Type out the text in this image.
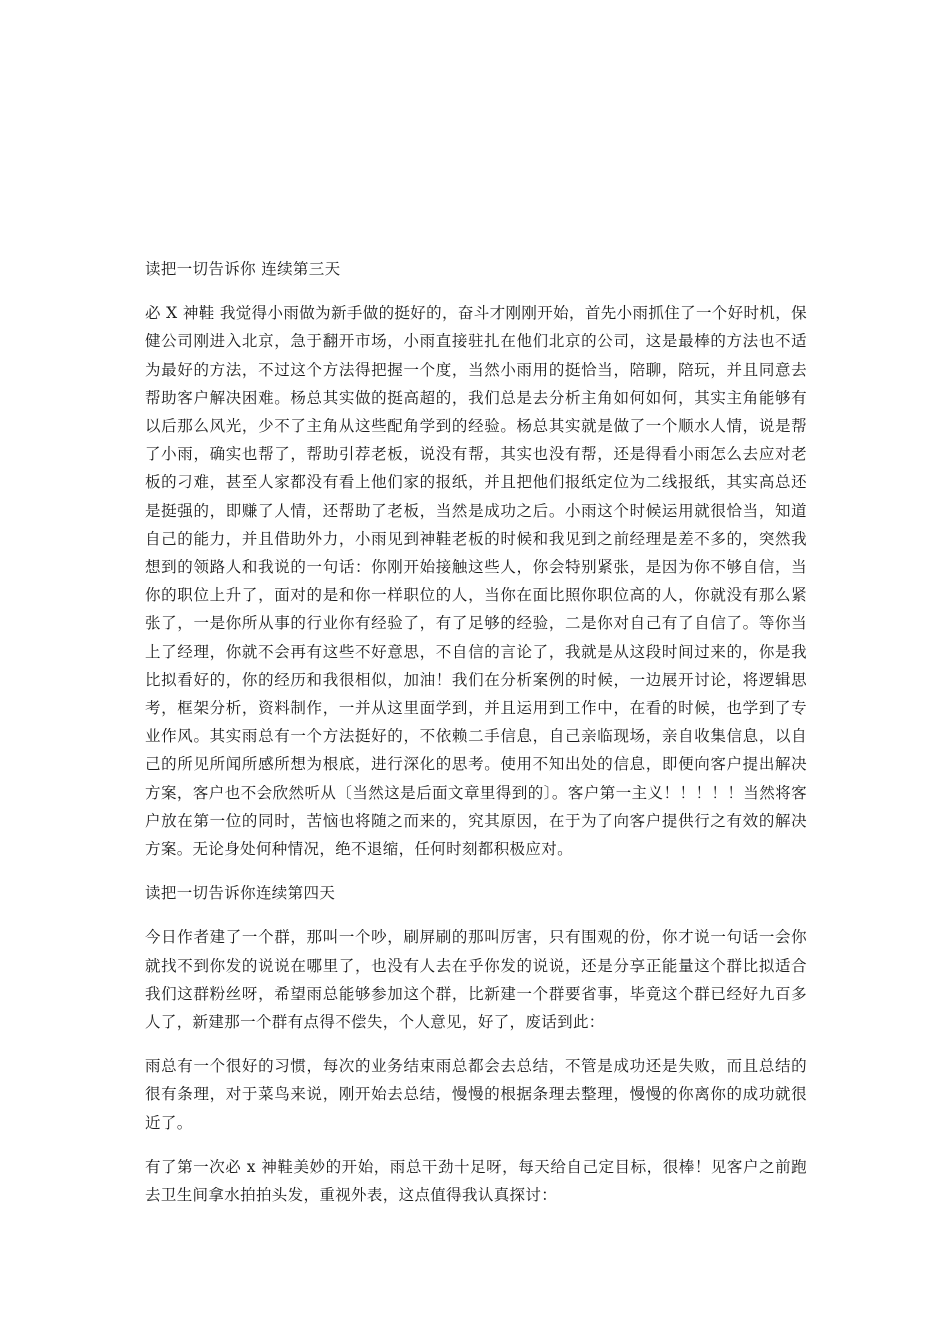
读把一切告诉你 连续第三天

必 X 神鞋 我觉得小雨做为新手做的挺好的，奋斗才刚刚开始，首先小雨抓住了一个好时机，保健公司刚进入北京，急于翻开市场，小雨直接驻扎在他们北京的公司，这是最棒的方法也不适为最好的方法，不过这个方法得把握一个度，当然小雨用的挺恰当，陪聊，陪玩，并且同意去帮助客户解决困难。杨总其实做的挺高超的，我们总是去分析主角如何如何，其实主角能够有以后那么风光，少不了主角从这些配角学到的经验。杨总其实就是做了一个顺水人情，说是帮了小雨，确实也帮了，帮助引荐老板，说没有帮，其实也没有帮，还是得看小雨怎么去应对老板的刁难，甚至人家都没有看上他们家的报纸，并且把他们报纸定位为二线报纸，其实高总还是挺强的，即赚了人情，还帮助了老板，当然是成功之后。小雨这个时候运用就很恰当，知道自己的能力，并且借助外力，小雨见到神鞋老板的时候和我见到之前经理是差不多的，突然我想到的领路人和我说的一句话：你刚开始接触这些人，你会特别紧张，是因为你不够自信，当你的职位上升了，面对的是和你一样职位的人，当你在面比照你职位高的人，你就没有那么紧张了，一是你所从事的行业你有经验了，有了足够的经验，二是你对自己有了自信了。等你当上了经理，你就不会再有这些不好意思，不自信的言论了，我就是从这段时间过来的，你是我比拟看好的，你的经历和我很相似，加油！我们在分析案例的时候，一边展开讨论，将逻辑思考，框架分析，资料制作，一并从这里面学到，并且运用到工作中，在看的时候，也学到了专业作风。其实雨总有一个方法挺好的，不依赖二手信息，自己亲临现场，亲自收集信息，以自己的所见所闻所感所想为根底，进行深化的思考。使用不知出处的信息，即便向客户提出解决方案，客户也不会欣然听从〔当然这是后面文章里得到的〕。客户第一主义！！！！！当然将客户放在第一位的同时，苦恼也将随之而来的，究其原因，在于为了向客户提供行之有效的解决方案。无论身处何种情况，绝不退缩，任何时刻都积极应对。

读把一切告诉你连续第四天

今日作者建了一个群，那叫一个吵，刷屏刷的那叫厉害，只有围观的份，你才说一句话一会你就找不到你发的说说在哪里了，也没有人去在乎你发的说说，还是分享正能量这个群比拟适合我们这群粉丝呀，希望雨总能够参加这个群，比新建一个群要省事，毕竟这个群已经好九百多人了，新建那一个群有点得不偿失，个人意见，好了，废话到此：

雨总有一个很好的习惯，每次的业务结束雨总都会去总结，不管是成功还是失败，而且总结的很有条理，对于菜鸟来说，刚开始去总结，慢慢的根据条理去整理，慢慢的你离你的成功就很近了。

有了第一次必 x 神鞋美妙的开始，雨总干劲十足呀，每天给自己定目标，很棒！见客户之前跑去卫生间拿水拍拍头发，重视外表，这点值得我认真探讨：
